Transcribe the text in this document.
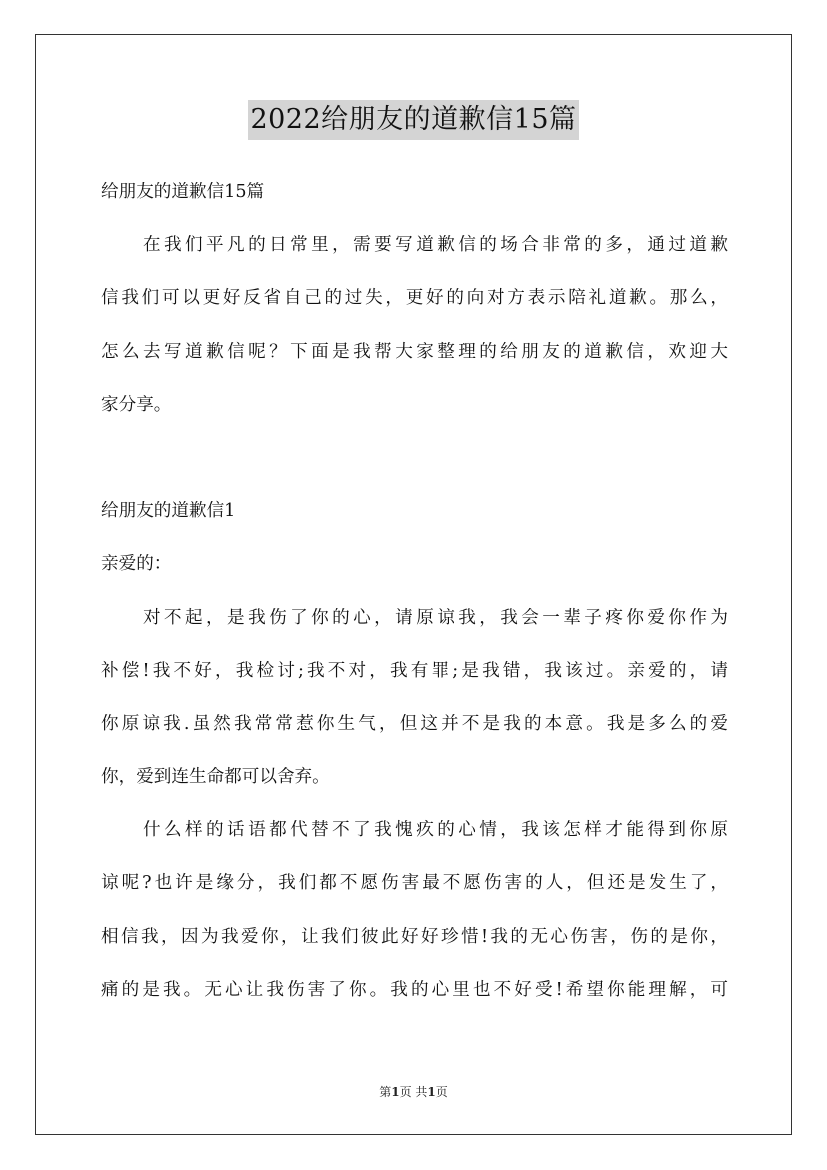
2022给朋友的道歉信15篇
给朋友的道歉信15篇
在我们平凡的日常里，需要写道歉信的场合非常的多，通过道歉
信我们可以更好反省自己的过失，更好的向对方表示陪礼道歉。那么，
怎么去写道歉信呢？下面是我帮大家整理的给朋友的道歉信，欢迎大
家分享。
给朋友的道歉信1
亲爱的：
对不起，是我伤了你的心，请原谅我，我会一辈子疼你爱你作为
补偿!我不好，我检讨;我不对，我有罪;是我错，我该过。亲爱的，请
你原谅我.虽然我常常惹你生气，但这并不是我的本意。我是多么的爱
你，爱到连生命都可以舍弃。
什么样的话语都代替不了我愧疚的心情，我该怎样才能得到你原
谅呢?也许是缘分，我们都不愿伤害最不愿伤害的人，但还是发生了，
相信我，因为我爱你，让我们彼此好好珍惜!我的无心伤害，伤的是你，
痛的是我。无心让我伤害了你。我的心里也不好受!希望你能理解，可
第1页 共1页
